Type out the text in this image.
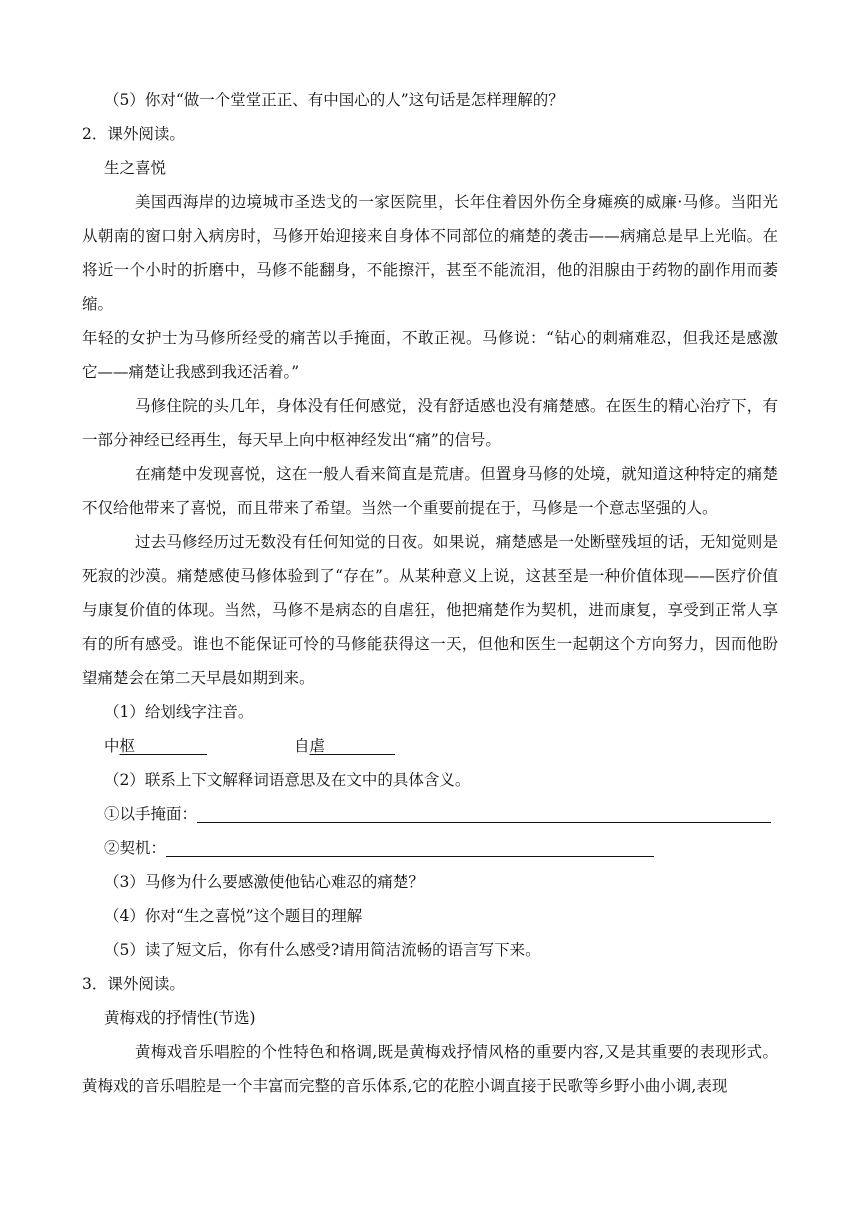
（5）你对“做一个堂堂正正、有中国心的人”这句话是怎样理解的？
2．课外阅读。
生之喜悦
美国西海岸的边境城市圣迭戈的一家医院里，长年住着因外伤全身瘫痪的威廉·马修。当阳光
从朝南的窗口射入病房时，马修开始迎接来自身体不同部位的痛楚的袭击——病痛总是早上光临。在
将近一个小时的折磨中，马修不能翻身，不能擦汗，甚至不能流泪，他的泪腺由于药物的副作用而萎
缩。
年轻的女护士为马修所经受的痛苦以手掩面，不敢正视。马修说：“钻心的刺痛难忍，但我还是感激
它——痛楚让我感到我还活着。”
马修住院的头几年，身体没有任何感觉，没有舒适感也没有痛楚感。在医生的精心治疗下，有
一部分神经已经再生，每天早上向中枢神经发出“痛”的信号。
在痛楚中发现喜悦，这在一般人看来简直是荒唐。但置身马修的处境，就知道这种特定的痛楚
不仅给他带来了喜悦，而且带来了希望。当然一个重要前提在于，马修是一个意志坚强的人。
过去马修经历过无数没有任何知觉的日夜。如果说，痛楚感是一处断壁残垣的话，无知觉则是
死寂的沙漠。痛楚感使马修体验到了“存在”。从某种意义上说，这甚至是一种价值体现——医疗价值
与康复价值的体现。当然，马修不是病态的自虐狂，他把痛楚作为契机，进而康复，享受到正常人享
有的所有感受。谁也不能保证可怜的马修能获得这一天，但他和医生一起朝这个方向努力，因而他盼
望痛楚会在第二天早晨如期到来。
（1）给划线字注音。
中枢	自虐
（2）联系上下文解释词语意思及在文中的具体含义。
①以手掩面：
②契机：
（3）马修为什么要感激使他钻心难忍的痛楚？
（4）你对“生之喜悦”这个题目的理解
（5）读了短文后，你有什么感受?请用简洁流畅的语言写下来。
3．课外阅读。
黄梅戏的抒情性(节选)
黄梅戏音乐唱腔的个性特色和格调,既是黄梅戏抒情风格的重要内容,又是其重要的表现形式。
黄梅戏的音乐唱腔是一个丰富而完整的音乐体系,它的花腔小调直接于民歌等乡野小曲小调,表现
